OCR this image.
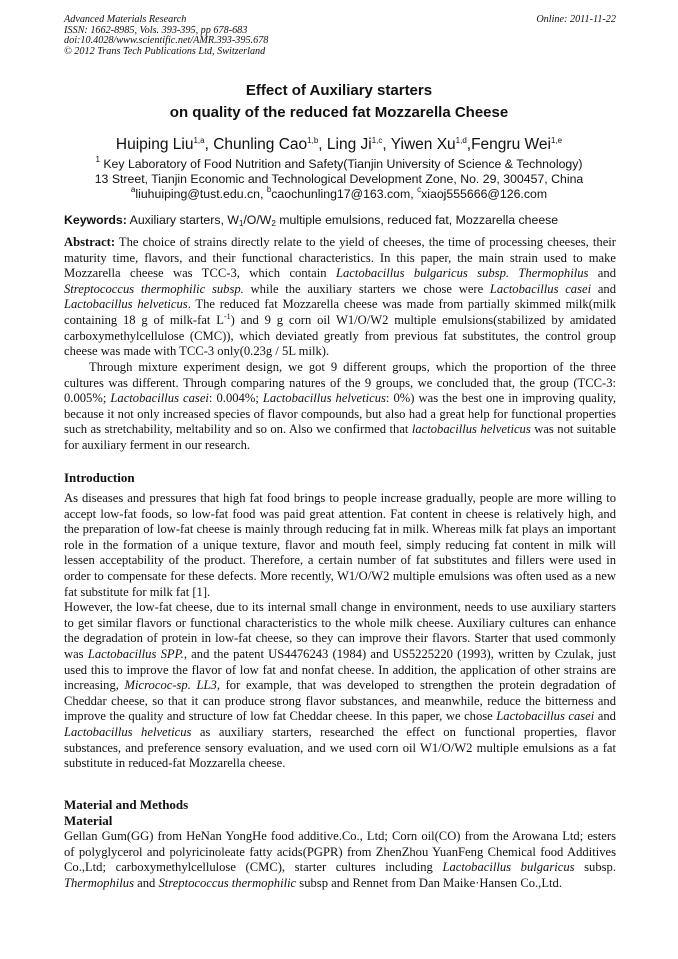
Advanced Materials Research
ISSN: 1662-8985, Vols. 393-395, pp 678-683
doi:10.4028/www.scientific.net/AMR.393-395.678
© 2012 Trans Tech Publications Ltd, Switzerland
Online: 2011-11-22
Effect of Auxiliary starters
on quality of the reduced fat Mozzarella Cheese
Huiping Liu$^{1,a}$, Chunling Cao$^{1,b}$, Ling Ji$^{1,c}$, Yiwen Xu$^{1,d}$,Fengru Wei$^{1,e}$
$^1$ Key Laboratory of Food Nutrition and Safety(Tianjin University of Science & Technology)
13 Street, Tianjin Economic and Technological Development Zone, No. 29, 300457, China
$^a$liuhuiping@tust.edu.cn, $^b$caochunling17@163.com, $^c$xiaoj555666@126.com
Keywords: Auxiliary starters, $W_1/O/W_2$ multiple emulsions, reduced fat, Mozzarella cheese
Abstract: The choice of strains directly relate to the yield of cheeses, the time of processing cheeses, their maturity time, flavors, and their functional characteristics. In this paper, the main strain used to make Mozzarella cheese was TCC-3, which contain Lactobacillus bulgaricus subsp. Thermophilus and Streptococcus thermophilic subsp. while the auxiliary starters we chose were Lactobacillus casei and Lactobacillus helveticus. The reduced fat Mozzarella cheese was made from partially skimmed milk(milk containing 18 g of milk-fat $L^{-1}$) and 9 g corn oil W1/O/W2 multiple emulsions(stabilized by amidated carboxymethylcellulose (CMC)), which deviated greatly from previous fat substitutes, the control group cheese was made with TCC-3 only(0.23g / 5L milk).
Through mixture experiment design, we got 9 different groups, which the proportion of the three cultures was different. Through comparing natures of the 9 groups, we concluded that, the group (TCC-3: 0.005%; Lactobacillus casei: 0.004%; Lactobacillus helveticus: 0%) was the best one in improving quality, because it not only increased species of flavor compounds, but also had a great help for functional properties such as stretchability, meltability and so on. Also we confirmed that lactobacillus helveticus was not suitable for auxiliary ferment in our research.
Introduction
As diseases and pressures that high fat food brings to people increase gradually, people are more willing to accept low-fat foods, so low-fat food was paid great attention. Fat content in cheese is relatively high, and the preparation of low-fat cheese is mainly through reducing fat in milk. Whereas milk fat plays an important role in the formation of a unique texture, flavor and mouth feel, simply reducing fat content in milk will lessen acceptability of the product. Therefore, a certain number of fat substitutes and fillers were used in order to compensate for these defects. More recently, W1/O/W2 multiple emulsions was often used as a new fat substitute for milk fat [1].
However, the low-fat cheese, due to its internal small change in environment, needs to use auxiliary starters to get similar flavors or functional characteristics to the whole milk cheese. Auxiliary cultures can enhance the degradation of protein in low-fat cheese, so they can improve their flavors. Starter that used commonly was Lactobacillus SPP., and the patent US4476243 (1984) and US5225220 (1993), written by Czulak, just used this to improve the flavor of low fat and nonfat cheese. In addition, the application of other strains are increasing, Micrococ-sp. LL3, for example, that was developed to strengthen the protein degradation of Cheddar cheese, so that it can produce strong flavor substances, and meanwhile, reduce the bitterness and improve the quality and structure of low fat Cheddar cheese. In this paper, we chose Lactobacillus casei and Lactobacillus helveticus as auxiliary starters, researched the effect on functional properties, flavor substances, and preference sensory evaluation, and we used corn oil W1/O/W2 multiple emulsions as a fat substitute in reduced-fat Mozzarella cheese.
Material and Methods
Material
Gellan Gum(GG) from HeNan YongHe food additive.Co., Ltd; Corn oil(CO) from the Arowana Ltd; esters of polyglycerol and polyricinoleate fatty acids(PGPR) from ZhenZhou YuanFeng Chemical food Additives Co.,Ltd; carboxymethylcellulose (CMC), starter cultures including Lactobacillus bulgaricus subsp. Thermophilus and Streptococcus thermophilic subsp and Rennet from Dan Maike·Hansen Co.,Ltd.
